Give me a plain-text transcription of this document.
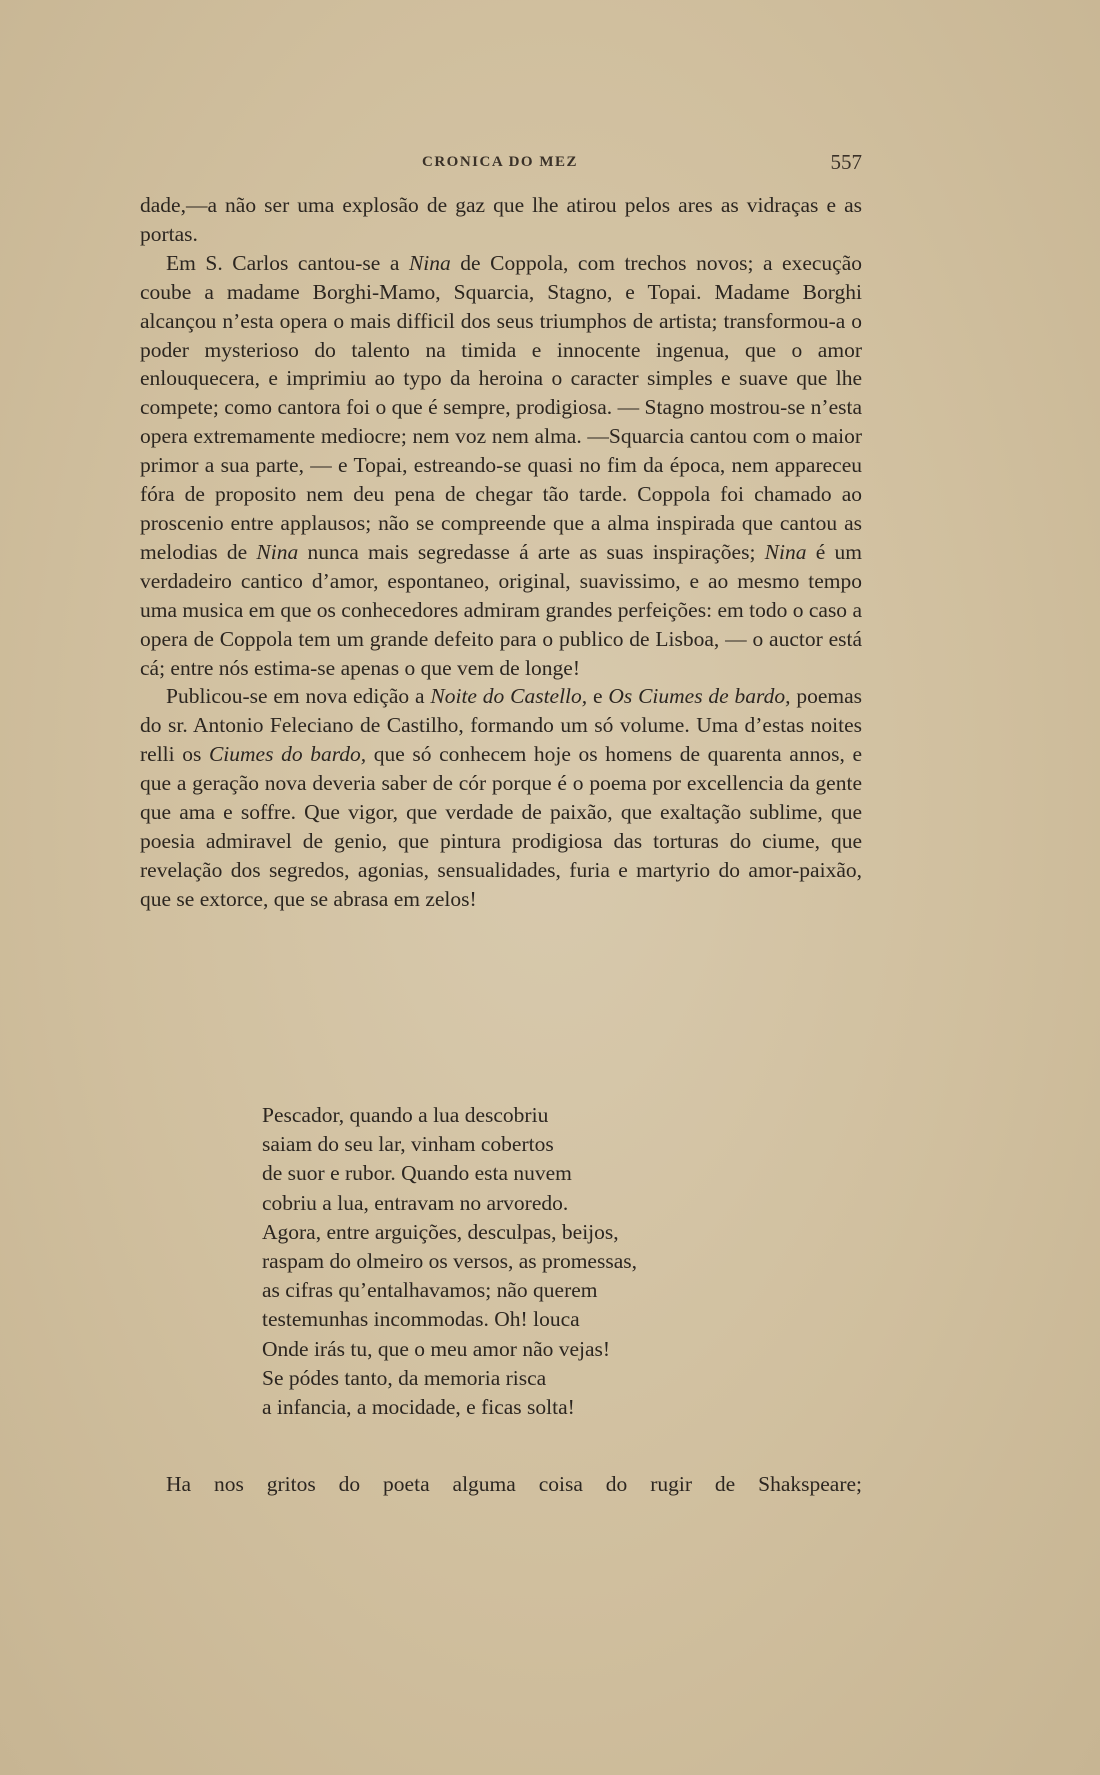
CRONICA DO MEZ	557

dade,—a não ser uma explosão de gaz que lhe atirou pelos ares as vidraças e as portas.

Em S. Carlos cantou-se a Nina de Coppola, com trechos novos; a execução coube a madame Borghi-Mamo, Squarcia, Stagno, e Topai. Madame Borghi alcançou n’esta opera o mais difficil dos seus triumphos de artista; transformou-a o poder mysterioso do talento na timida e innocente ingenua, que o amor enlouquecera, e imprimiu ao typo da heroina o caracter simples e suave que lhe compete; como cantora foi o que é sempre, prodigiosa. — Stagno mostrou-se n’esta opera extremamente mediocre; nem voz nem alma. —Squarcia cantou com o maior primor a sua parte, — e Topai, estreando-se quasi no fim da época, nem appareceu fóra de proposito nem deu pena de chegar tão tarde. Coppola foi chamado ao proscenio entre applausos; não se compreende que a alma inspirada que cantou as melodias de Nina nunca mais segredasse á arte as suas inspirações; Nina é um verdadeiro cantico d’amor, espontaneo, original, suavissimo, e ao mesmo tempo uma musica em que os conhecedores admiram grandes perfeições: em todo o caso a opera de Coppola tem um grande defeito para o publico de Lisboa, — o auctor está cá; entre nós estima-se apenas o que vem de longe!

Publicou-se em nova edição a Noite do Castello, e Os Ciumes de bardo, poemas do sr. Antonio Feleciano de Castilho, formando um só volume. Uma d’estas noites relli os Ciumes do bardo, que só conhecem hoje os homens de quarenta annos, e que a geração nova deveria saber de cór porque é o poema por excellencia da gente que ama e soffre. Que vigor, que verdade de paixão, que exaltação sublime, que poesia admiravel de genio, que pintura prodigiosa das torturas do ciume, que revelação dos segredos, agonias, sensualidades, furia e martyrio do amor-paixão, que se extorce, que se abrasa em zelos!

Pescador, quando a lua descobriu
saiam do seu lar, vinham cobertos
de suor e rubor. Quando esta nuvem
cobriu a lua, entravam no arvoredo.
Agora, entre arguições, desculpas, beijos,
raspam do olmeiro os versos, as promessas,
as cifras qu’entalhavamos; não querem
testemunhas incommodas. Oh! louca
Onde irás tu, que o meu amor não vejas!
Se pódes tanto, da memoria risca
a infancia, a mocidade, e ficas solta!

Ha nos gritos do poeta alguma coisa do rugir de Shakspeare;
